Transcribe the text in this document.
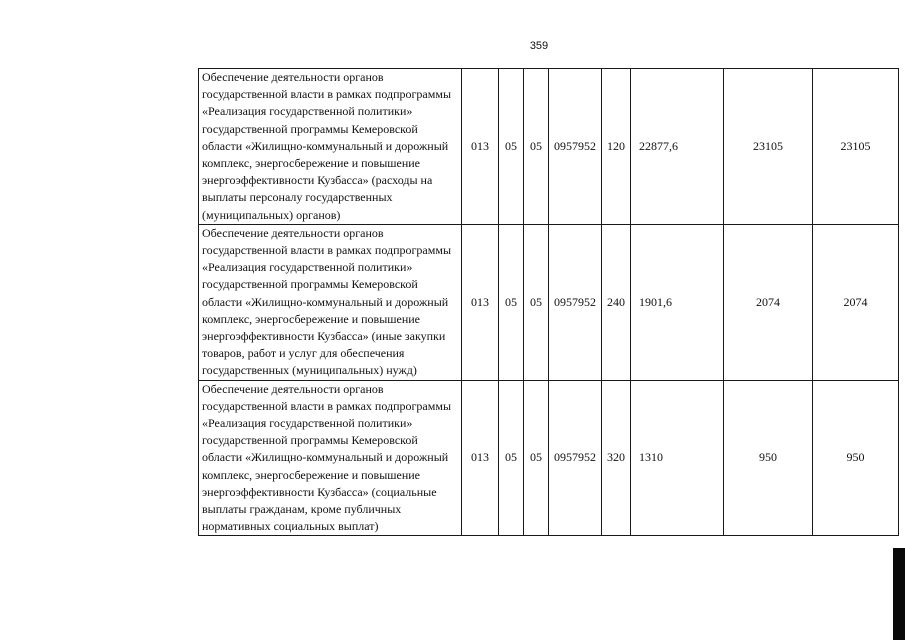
359
Обеспечение деятельности органов государственной власти в рамках подпрограммы «Реализация государственной политики» государственной программы Кемеровской области «Жилищно-коммунальный и дорожный комплекс, энергосбережение и повышение энергоэффективности Кузбасса» (расходы на выплаты персоналу государственных (муниципальных) органов)	013	05	05	0957952	120	22877,6	23105	23105
Обеспечение деятельности органов государственной власти в рамках подпрограммы «Реализация государственной политики» государственной программы Кемеровской области «Жилищно-коммунальный и дорожный комплекс, энергосбережение и повышение энергоэффективности Кузбасса» (иные закупки товаров, работ и услуг для обеспечения государственных (муниципальных) нужд)	013	05	05	0957952	240	1901,6	2074	2074
Обеспечение деятельности органов государственной власти в рамках подпрограммы «Реализация государственной политики» государственной программы Кемеровской области «Жилищно-коммунальный и дорожный комплекс, энергосбережение и повышение энергоэффективности Кузбасса» (социальные выплаты гражданам, кроме публичных нормативных социальных выплат)	013	05	05	0957952	320	1310	950	950
